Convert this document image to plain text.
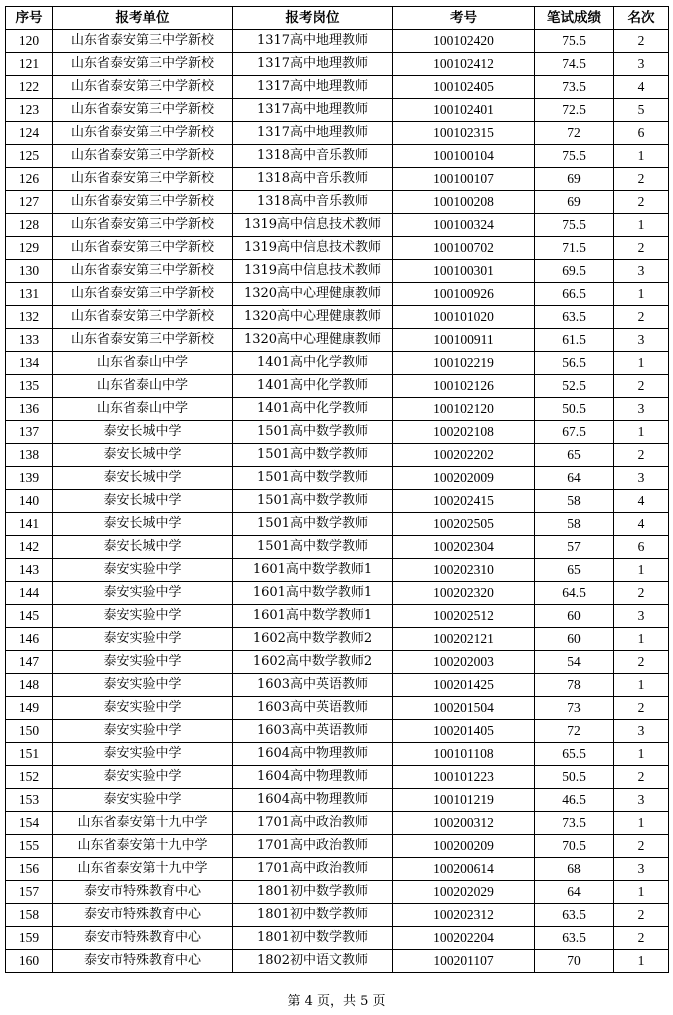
序号	报考单位	报考岗位	考号	笔试成绩	名次
120	山东省泰安第三中学新校	1317高中地理教师	100102420	75.5	2
121	山东省泰安第三中学新校	1317高中地理教师	100102412	74.5	3
122	山东省泰安第三中学新校	1317高中地理教师	100102405	73.5	4
123	山东省泰安第三中学新校	1317高中地理教师	100102401	72.5	5
124	山东省泰安第三中学新校	1317高中地理教师	100102315	72	6
125	山东省泰安第三中学新校	1318高中音乐教师	100100104	75.5	1
126	山东省泰安第三中学新校	1318高中音乐教师	100100107	69	2
127	山东省泰安第三中学新校	1318高中音乐教师	100100208	69	2
128	山东省泰安第三中学新校	1319高中信息技术教师	100100324	75.5	1
129	山东省泰安第三中学新校	1319高中信息技术教师	100100702	71.5	2
130	山东省泰安第三中学新校	1319高中信息技术教师	100100301	69.5	3
131	山东省泰安第三中学新校	1320高中心理健康教师	100100926	66.5	1
132	山东省泰安第三中学新校	1320高中心理健康教师	100101020	63.5	2
133	山东省泰安第三中学新校	1320高中心理健康教师	100100911	61.5	3
134	山东省泰山中学	1401高中化学教师	100102219	56.5	1
135	山东省泰山中学	1401高中化学教师	100102126	52.5	2
136	山东省泰山中学	1401高中化学教师	100102120	50.5	3
137	泰安长城中学	1501高中数学教师	100202108	67.5	1
138	泰安长城中学	1501高中数学教师	100202202	65	2
139	泰安长城中学	1501高中数学教师	100202009	64	3
140	泰安长城中学	1501高中数学教师	100202415	58	4
141	泰安长城中学	1501高中数学教师	100202505	58	4
142	泰安长城中学	1501高中数学教师	100202304	57	6
143	泰安实验中学	1601高中数学教师1	100202310	65	1
144	泰安实验中学	1601高中数学教师1	100202320	64.5	2
145	泰安实验中学	1601高中数学教师1	100202512	60	3
146	泰安实验中学	1602高中数学教师2	100202121	60	1
147	泰安实验中学	1602高中数学教师2	100202003	54	2
148	泰安实验中学	1603高中英语教师	100201425	78	1
149	泰安实验中学	1603高中英语教师	100201504	73	2
150	泰安实验中学	1603高中英语教师	100201405	72	3
151	泰安实验中学	1604高中物理教师	100101108	65.5	1
152	泰安实验中学	1604高中物理教师	100101223	50.5	2
153	泰安实验中学	1604高中物理教师	100101219	46.5	3
154	山东省泰安第十九中学	1701高中政治教师	100200312	73.5	1
155	山东省泰安第十九中学	1701高中政治教师	100200209	70.5	2
156	山东省泰安第十九中学	1701高中政治教师	100200614	68	3
157	泰安市特殊教育中心	1801初中数学教师	100202029	64	1
158	泰安市特殊教育中心	1801初中数学教师	100202312	63.5	2
159	泰安市特殊教育中心	1801初中数学教师	100202204	63.5	2
160	泰安市特殊教育中心	1802初中语文教师	100201107	70	1
第 4 页，共 5 页
